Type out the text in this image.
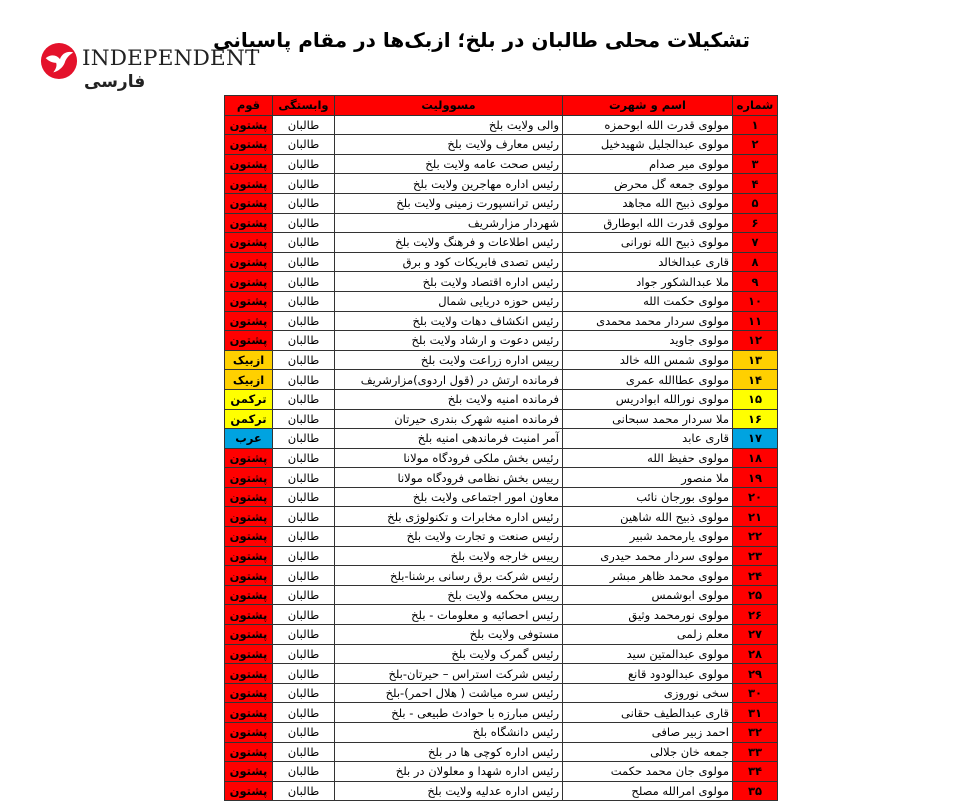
INDEPENDENT
فارسی
تشکیلات محلی طالبان در بلخ؛ ازبک‌ها در مقام پاسبانی
شماره	اسم و شهرت	مسوولیت	وابستگی	قوم
۱	مولوی قدرت الله ابوحمزه	والی ولایت بلخ	طالبان	پشتون
۲	مولوی عبدالجلیل شهیدخیل	رئیس معارف ولایت بلخ	طالبان	پشتون
۳	مولوی میر صدام	رئیس صحت عامه ولایت بلخ	طالبان	پشتون
۴	مولوی جمعه گل محرض	رئیس اداره مهاجرین ولایت بلخ	طالبان	پشتون
۵	مولوی ذبیح الله مجاهد	رئیس ترانسپورت زمینی ولایت بلخ	طالبان	پشتون
۶	مولوی قدرت الله ابوطارق	شهردار مزارشریف	طالبان	پشتون
۷	مولوی ذبیح الله نورانی	رئیس اطلاعات و فرهنگ ولایت بلخ	طالبان	پشتون
۸	قاری عبدالخالد	رئیس تصدی فابریکات کود و برق	طالبان	پشتون
۹	ملا عبدالشکور جواد	رئیس اداره اقتصاد ولایت بلخ	طالبان	پشتون
۱۰	مولوی حکمت الله	رئیس حوزه دریایی شمال	طالبان	پشتون
۱۱	مولوی سردار محمد محمدی	رئیس انکشاف دهات ولایت بلخ	طالبان	پشتون
۱۲	مولوی جاوید	رئیس دعوت و ارشاد ولایت بلخ	طالبان	پشتون
۱۳	مولوی شمس الله خالد	رییس اداره زراعت ولایت بلخ	طالبان	ازبیک
۱۴	مولوی عطاالله عمری	فرمانده ارتش در (قول اردوی)مزارشریف	طالبان	ازبیک
۱۵	مولوی نورالله ابوادریس	فرمانده امنیه ولایت بلخ	طالبان	ترکمن
۱۶	ملا سردار محمد سبحانی	فرمانده امنیه شهرک بندری حیرتان	طالبان	ترکمن
۱۷	قاری عابد	آمر امنیت فرماندهی امنیه بلخ	طالبان	عرب
۱۸	مولوی حفیظ الله	رئیس بخش ملکی فرودگاه مولانا	طالبان	پشتون
۱۹	ملا منصور	رییس بخش نظامی فرودگاه مولانا	طالبان	پشتون
۲۰	مولوی بورجان نائب	معاون امور اجتماعی ولایت بلخ	طالبان	پشتون
۲۱	مولوی ذبیح الله شاهین	رئیس اداره مخابرات و تکنولوژی بلخ	طالبان	پشتون
۲۲	مولوی یارمحمد شبیر	رئیس صنعت و تجارت ولایت بلخ	طالبان	پشتون
۲۳	مولوی سردار محمد حیدری	رییس خارجه ولایت بلخ	طالبان	پشتون
۲۴	مولوی محمد ظاهر مبشر	رئیس شرکت برق رسانی برشنا-بلخ	طالبان	پشتون
۲۵	مولوی ابوشمس	رییس محکمه ولایت بلخ	طالبان	پشتون
۲۶	مولوی نورمحمد وثیق	رئیس احصائیه و معلومات - بلخ	طالبان	پشتون
۲۷	معلم زلمی	مستوفی ولایت بلخ	طالبان	پشتون
۲۸	مولوی عبدالمتین سید	رئیس گمرک ولایت بلخ	طالبان	پشتون
۲۹	مولوی عبدالودود قانع	رئیس شرکت استراس – حیرتان-بلخ	طالبان	پشتون
۳۰	سخی نوروزی	رئیس سره میاشت ( هلال احمر)-بلخ	طالبان	پشتون
۳۱	قاری عبدالطیف حقانی	رئیس مبارزه با حوادث طبیعی - بلخ	طالبان	پشتون
۳۲	احمد زبیر صافی	رئیس دانشگاه بلخ	طالبان	پشتون
۳۳	جمعه خان جلالی	رئیس اداره کوچی ها در بلخ	طالبان	پشتون
۳۴	مولوی جان محمد حکمت	رئیس اداره شهدا و معلولان در بلخ	طالبان	پشتون
۳۵	مولوی امرالله مصلح	رئیس اداره عدلیه ولایت بلخ	طالبان	پشتون
